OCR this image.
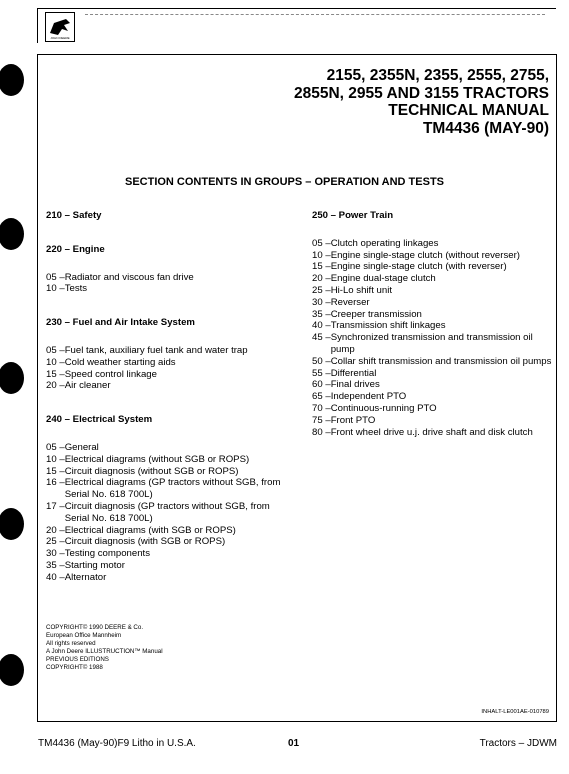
JOHN DEERE
2155, 2355N, 2355, 2555, 2755,
2855N, 2955 AND 3155 TRACTORS
TECHNICAL MANUAL
TM4436 (MAY-90)
SECTION CONTENTS IN GROUPS – OPERATION AND TESTS
210 – Safety
220 – Engine
05 – Radiator and viscous fan drive
10 – Tests
230 – Fuel and Air Intake System
05 – Fuel tank, auxiliary fuel tank and water trap
10 – Cold weather starting aids
15 – Speed control linkage
20 – Air cleaner
240 – Electrical System
05 – General
10 – Electrical diagrams (without SGB or ROPS)
15 – Circuit diagnosis (without SGB or ROPS)
16 – Electrical diagrams (GP tractors without SGB, from Serial No. 618 700L)
17 – Circuit diagnosis (GP tractors without SGB, from Serial No. 618 700L)
20 – Electrical diagrams (with SGB or ROPS)
25 – Circuit diagnosis (with SGB or ROPS)
30 – Testing components
35 – Starting motor
40 – Alternator
250 – Power Train
05 – Clutch operating linkages
10 – Engine single-stage clutch (without reverser)
15 – Engine single-stage clutch (with reverser)
20 – Engine dual-stage clutch
25 – Hi-Lo shift unit
30 – Reverser
35 – Creeper transmission
40 – Transmission shift linkages
45 – Synchronized transmission and transmission oil pump
50 – Collar shift transmission and transmission oil pumps
55 – Differential
60 – Final drives
65 – Independent PTO
70 – Continuous-running PTO
75 – Front PTO
80 – Front wheel drive u.j. drive shaft and disk clutch
COPYRIGHT© 1990 DEERE & Co.
European Office Mannheim
All rights reserved
A John Deere ILLUSTRUCTION™ Manual
PREVIOUS EDITIONS
COPYRIGHT© 1988
INHALT-LE001AE-010789
TM4436 (May-90)F9 Litho in U.S.A.	01	Tractors – JDWM
